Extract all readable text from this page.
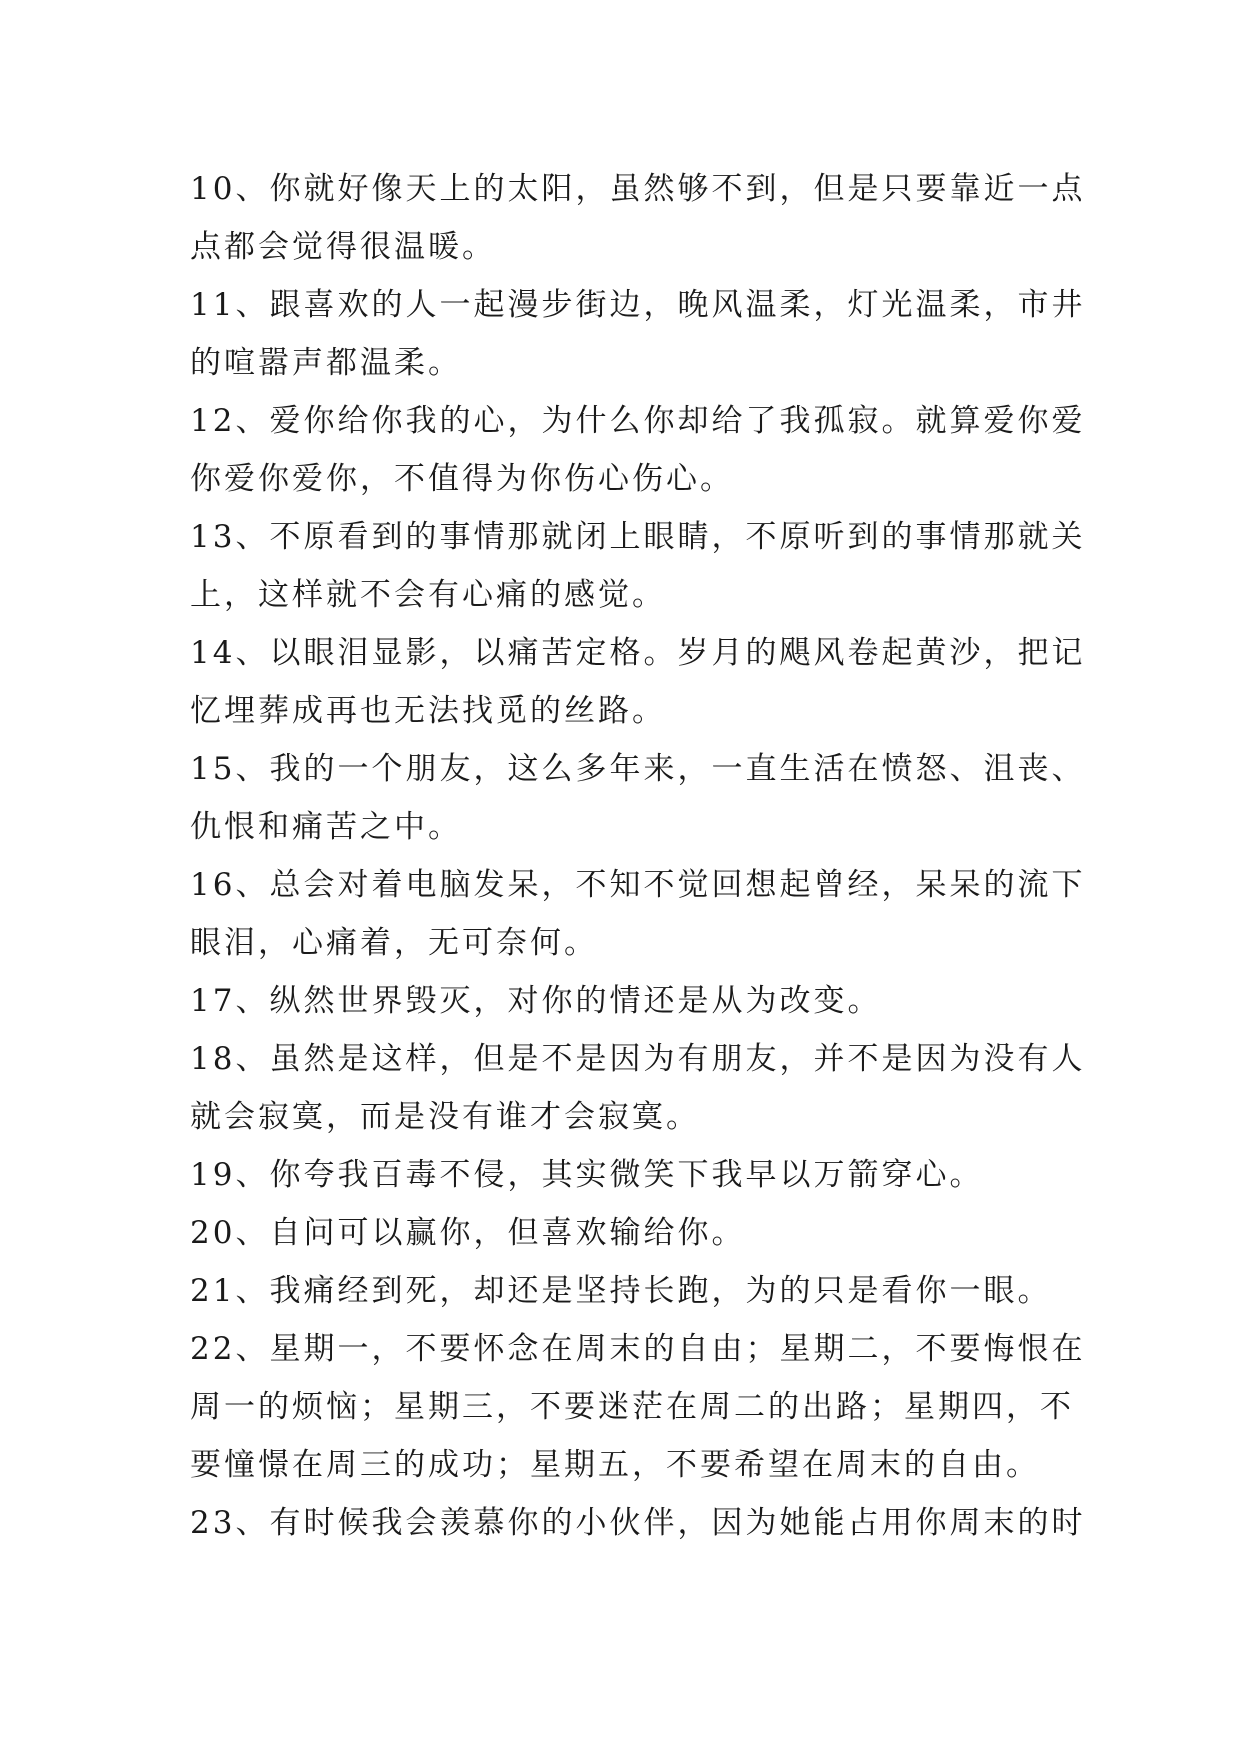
10、你就好像天上的太阳，虽然够不到，但是只要靠近一点
点都会觉得很温暖。

11、跟喜欢的人一起漫步街边，晚风温柔，灯光温柔，市井
的喧嚣声都温柔。

12、爱你给你我的心，为什么你却给了我孤寂。就算爱你爱
你爱你爱你，不值得为你伤心伤心。

13、不原看到的事情那就闭上眼睛，不原听到的事情那就关
上，这样就不会有心痛的感觉。

14、以眼泪显影，以痛苦定格。岁月的飓风卷起黄沙，把记
忆埋葬成再也无法找觅的丝路。

15、我的一个朋友，这么多年来，一直生活在愤怒、沮丧、
仇恨和痛苦之中。

16、总会对着电脑发呆，不知不觉回想起曾经，呆呆的流下
眼泪，心痛着，无可奈何。

17、纵然世界毁灭，对你的情还是从为改变。

18、虽然是这样，但是不是因为有朋友，并不是因为没有人
就会寂寞，而是没有谁才会寂寞。

19、你夸我百毒不侵，其实微笑下我早以万箭穿心。

20、自问可以赢你，但喜欢输给你。

21、我痛经到死，却还是坚持长跑，为的只是看你一眼。

22、星期一，不要怀念在周末的自由；星期二，不要悔恨在
周一的烦恼；星期三，不要迷茫在周二的出路；星期四，不
要憧憬在周三的成功；星期五，不要希望在周末的自由。

23、有时候我会羡慕你的小伙伴，因为她能占用你周末的时
